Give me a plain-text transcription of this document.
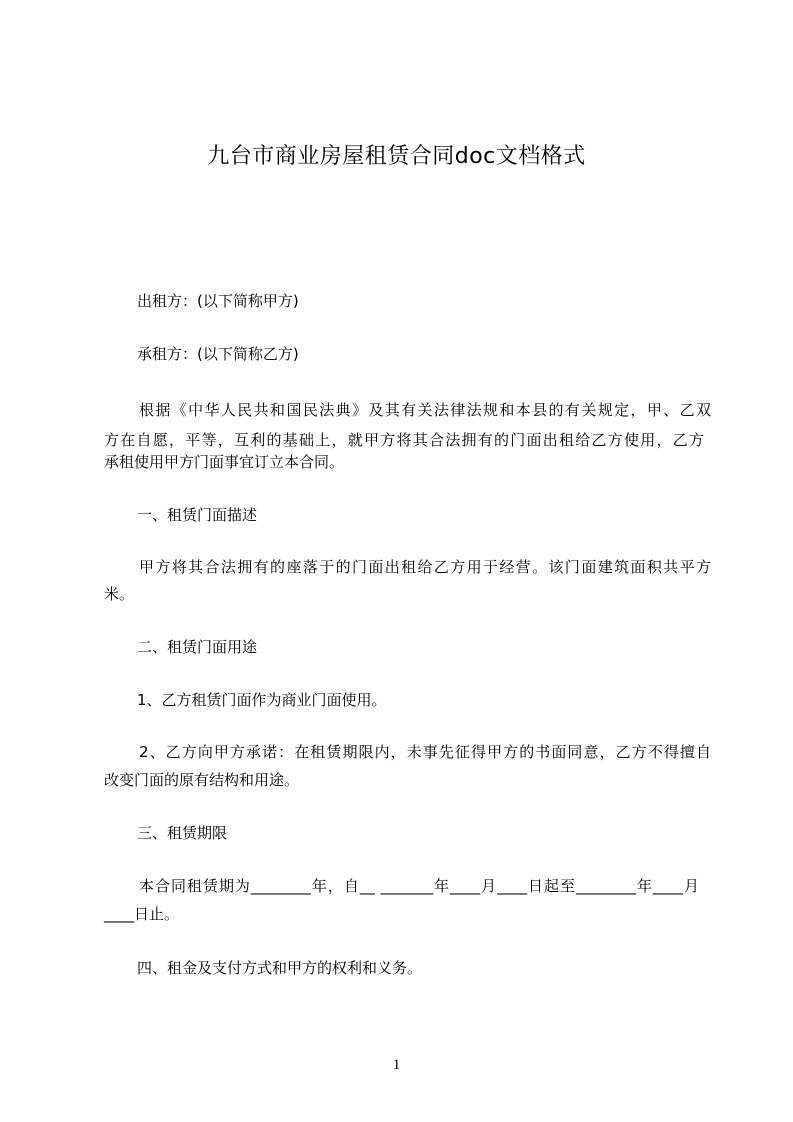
九台市商业房屋租赁合同doc文档格式
出租方：(以下简称甲方)
承租方：(以下简称乙方)
根据《中华人民共和国民法典》及其有关法律法规和本县的有关规定，甲、乙双
方在自愿，平等，互利的基础上，就甲方将其合法拥有的门面出租给乙方使用，乙方
承租使用甲方门面事宜订立本合同。
一、租赁门面描述
甲方将其合法拥有的座落于的门面出租给乙方用于经营。该门面建筑面积共平方
米。
二、租赁门面用途
1、乙方租赁门面作为商业门面使用。
2、乙方向甲方承诺：在租赁期限内，未事先征得甲方的书面同意，乙方不得擅自
改变门面的原有结构和用途。
三、租赁期限
本合同租赁期为________年，自__ _______年____月____日起至________年____月
____日止。
四、租金及支付方式和甲方的权利和义务。
1
